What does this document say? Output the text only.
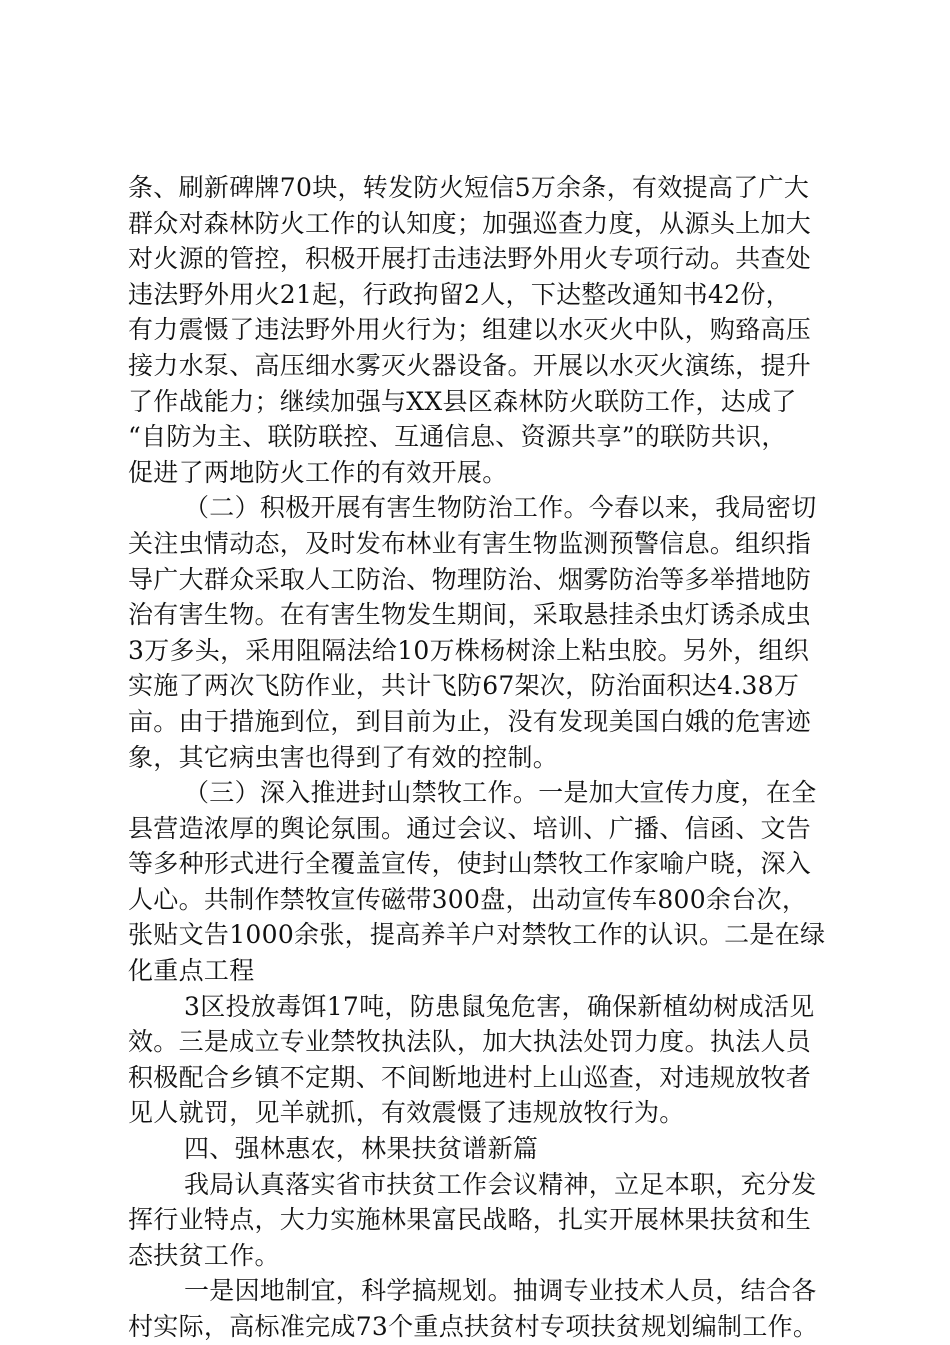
条、刷新碑牌70块，转发防火短信5万余条，有效提高了广大
群众对森林防火工作的认知度；加强巡查力度，从源头上加大
对火源的管控，积极开展打击违法野外用火专项行动。共查处
违法野外用火21起，行政拘留2人，下达整改通知书42份，
有力震慑了违法野外用火行为；组建以水灭火中队，购臵高压
接力水泵、高压细水雾灭火器设备。开展以水灭火演练，提升
了作战能力；继续加强与XX县区森林防火联防工作，达成了
“自防为主、联防联控、互通信息、资源共享”的联防共识，
促进了两地防火工作的有效开展。
（二）积极开展有害生物防治工作。今春以来，我局密切
关注虫情动态，及时发布林业有害生物监测预警信息。组织指
导广大群众采取人工防治、物理防治、烟雾防治等多举措地防
治有害生物。在有害生物发生期间，采取悬挂杀虫灯诱杀成虫
3万多头，采用阻隔法给10万株杨树涂上粘虫胶。另外，组织
实施了两次飞防作业，共计飞防67架次，防治面积达4.38万
亩。由于措施到位，到目前为止，没有发现美国白娥的危害迹
象，其它病虫害也得到了有效的控制。
（三）深入推进封山禁牧工作。一是加大宣传力度，在全
县营造浓厚的舆论氛围。通过会议、培训、广播、信函、文告
等多种形式进行全覆盖宣传，使封山禁牧工作家喻户晓，深入
人心。共制作禁牧宣传磁带300盘，出动宣传车800余台次，
张贴文告1000余张，提高养羊户对禁牧工作的认识。二是在绿
化重点工程
3区投放毒饵17吨，防患鼠兔危害，确保新植幼树成活见
效。三是成立专业禁牧执法队，加大执法处罚力度。执法人员
积极配合乡镇不定期、不间断地进村上山巡查，对违规放牧者
见人就罚，见羊就抓，有效震慑了违规放牧行为。
四、强林惠农，林果扶贫谱新篇
我局认真落实省市扶贫工作会议精神，立足本职，充分发
挥行业特点，大力实施林果富民战略，扎实开展林果扶贫和生
态扶贫工作。
一是因地制宜，科学搞规划。抽调专业技术人员，结合各
村实际，高标准完成73个重点扶贫村专项扶贫规划编制工作。
